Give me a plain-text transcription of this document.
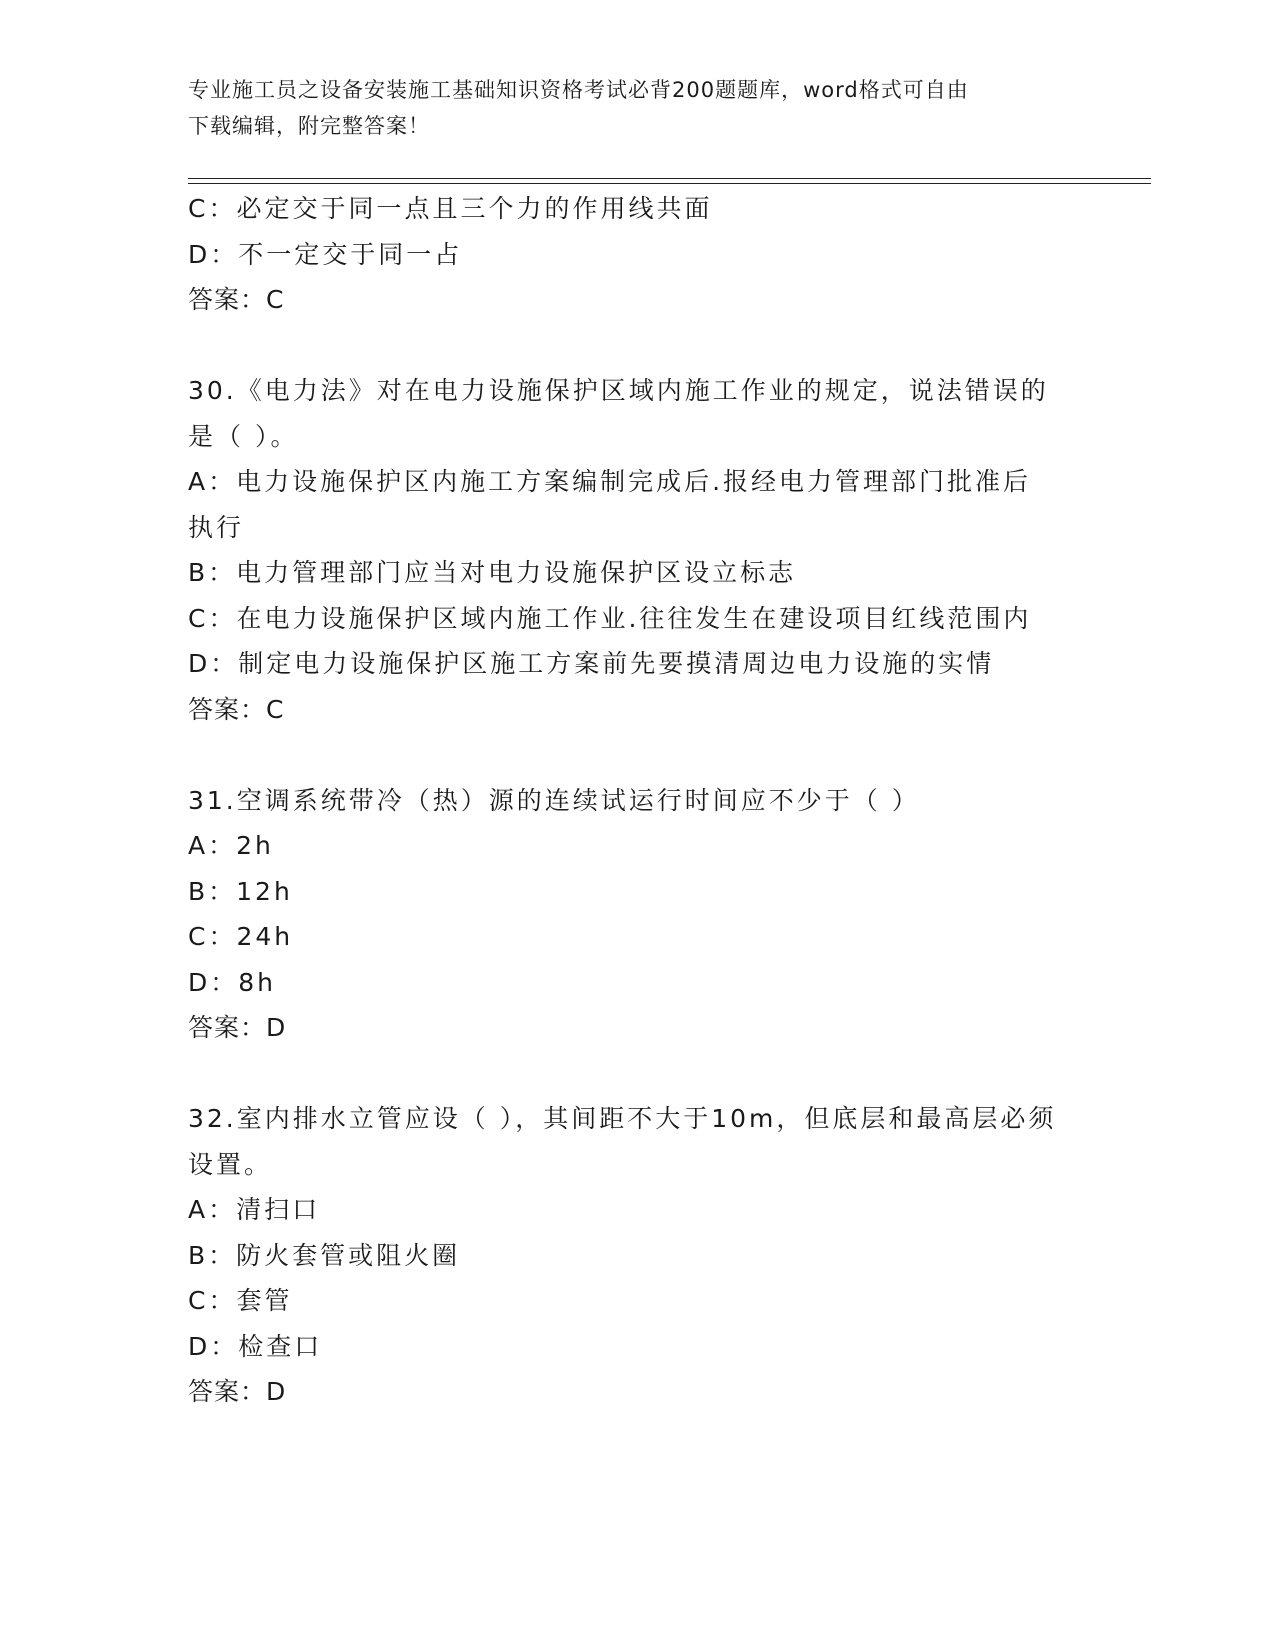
专业施工员之设备安装施工基础知识资格考试必背200题题库，word格式可自由
下载编辑，附完整答案！
C：必定交于同一点且三个力的作用线共面
D：不一定交于同一占
答案：C
30.《电力法》对在电力设施保护区域内施工作业的规定，说法错误的
是（ ）。
A：电力设施保护区内施工方案编制完成后.报经电力管理部门批准后
执行
B：电力管理部门应当对电力设施保护区设立标志
C：在电力设施保护区域内施工作业.往往发生在建设项目红线范围内
D：制定电力设施保护区施工方案前先要摸清周边电力设施的实情
答案：C
31.空调系统带冷（热）源的连续试运行时间应不少于（ ）
A：2h
B：12h
C：24h
D：8h
答案：D
32.室内排水立管应设（ ），其间距不大于10m，但底层和最高层必须
设置。
A：清扫口
B：防火套管或阻火圈
C：套管
D：检查口
答案：D
